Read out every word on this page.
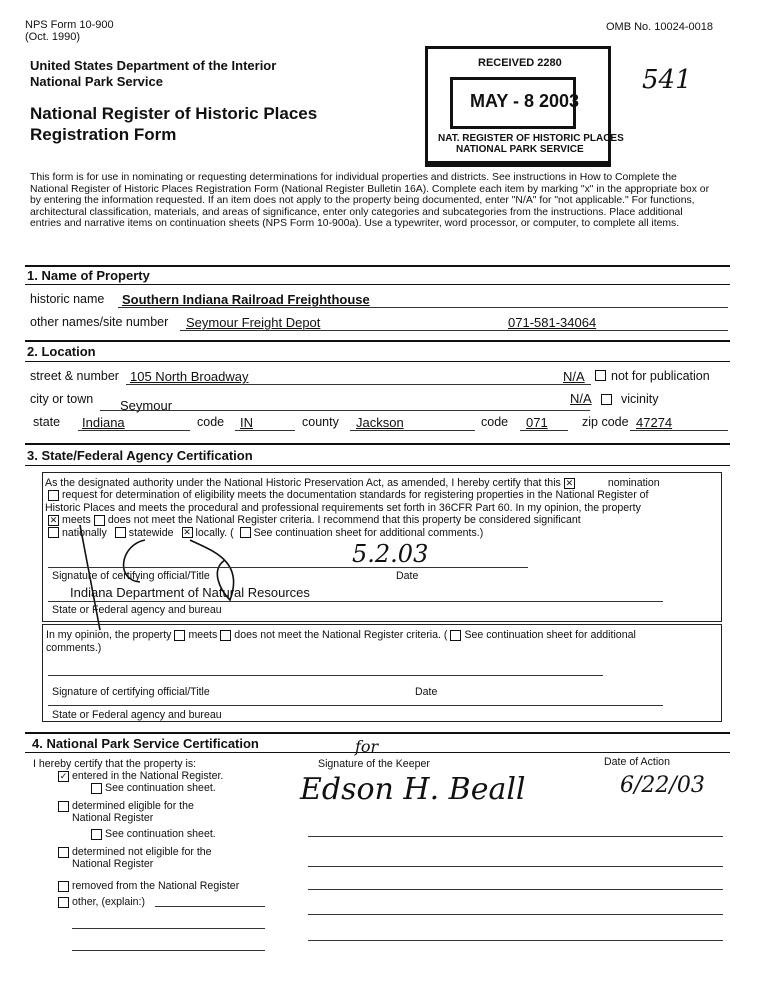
NPS Form 10-900
(Oct. 1990)
OMB No. 10024-0018
United States Department of the Interior
National Park Service
National Register of Historic Places
Registration Form
541
RECEIVED 2280
MAY - 8 2003
NAT. REGISTER OF HISTORIC PLACES
NATIONAL PARK SERVICE
This form is for use in nominating or requesting determinations for individual properties and districts. See instructions in How to Complete the
National Register of Historic Places Registration Form (National Register Bulletin 16A). Complete each item by marking "x" in the appropriate box or
by entering the information requested. If an item does not apply to the property being documented, enter "N/A" for "not applicable." For functions,
architectural classification, materials, and areas of significance, enter only categories and subcategories from the instructions. Place additional
entries and narrative items on continuation sheets (NPS Form 10-900a). Use a typewriter, word processor, or computer, to complete all items.
1. Name of Property
historic name Southern Indiana Railroad Freighthouse
other names/site number Seymour Freight Depot	071-581-34064
2. Location
street & number 105 North Broadway	N/A not for publication
city or town Seymour	N/A vicinity
state Indiana	code IN	county Jackson	code 071	zip code 47274
3. State/Federal Agency Certification
As the designated authority under the National Historic Preservation Act, as amended, I hereby certify that this ✕	nomination
request for determination of eligibility meets the documentation standards for registering properties in the National Register of
Historic Places and meets the procedural and professional requirements set forth in 36CFR Part 60. In my opinion, the property
✕ meets does not meet the National Register criteria. I recommend that this property be considered significant
nationally statewide ✕ locally. ( See continuation sheet for additional comments.)
5.2.03
Signature of certifying official/Title	Date
Indiana Department of Natural Resources
State or Federal agency and bureau
In my opinion, the property meets does not meet the National Register criteria. ( See continuation sheet for additional
comments.)
Signature of certifying official/Title	Date
State or Federal agency and bureau
4. National Park Service Certification
I hereby certify that the property is:
✓ entered in the National Register.
See continuation sheet.
determined eligible for the
National Register
See continuation sheet.
determined not eligible for the
National Register
removed from the National Register
other, (explain:)
Signature of the Keeper	Date of Action
for
Edson H. Beall	6/22/03
